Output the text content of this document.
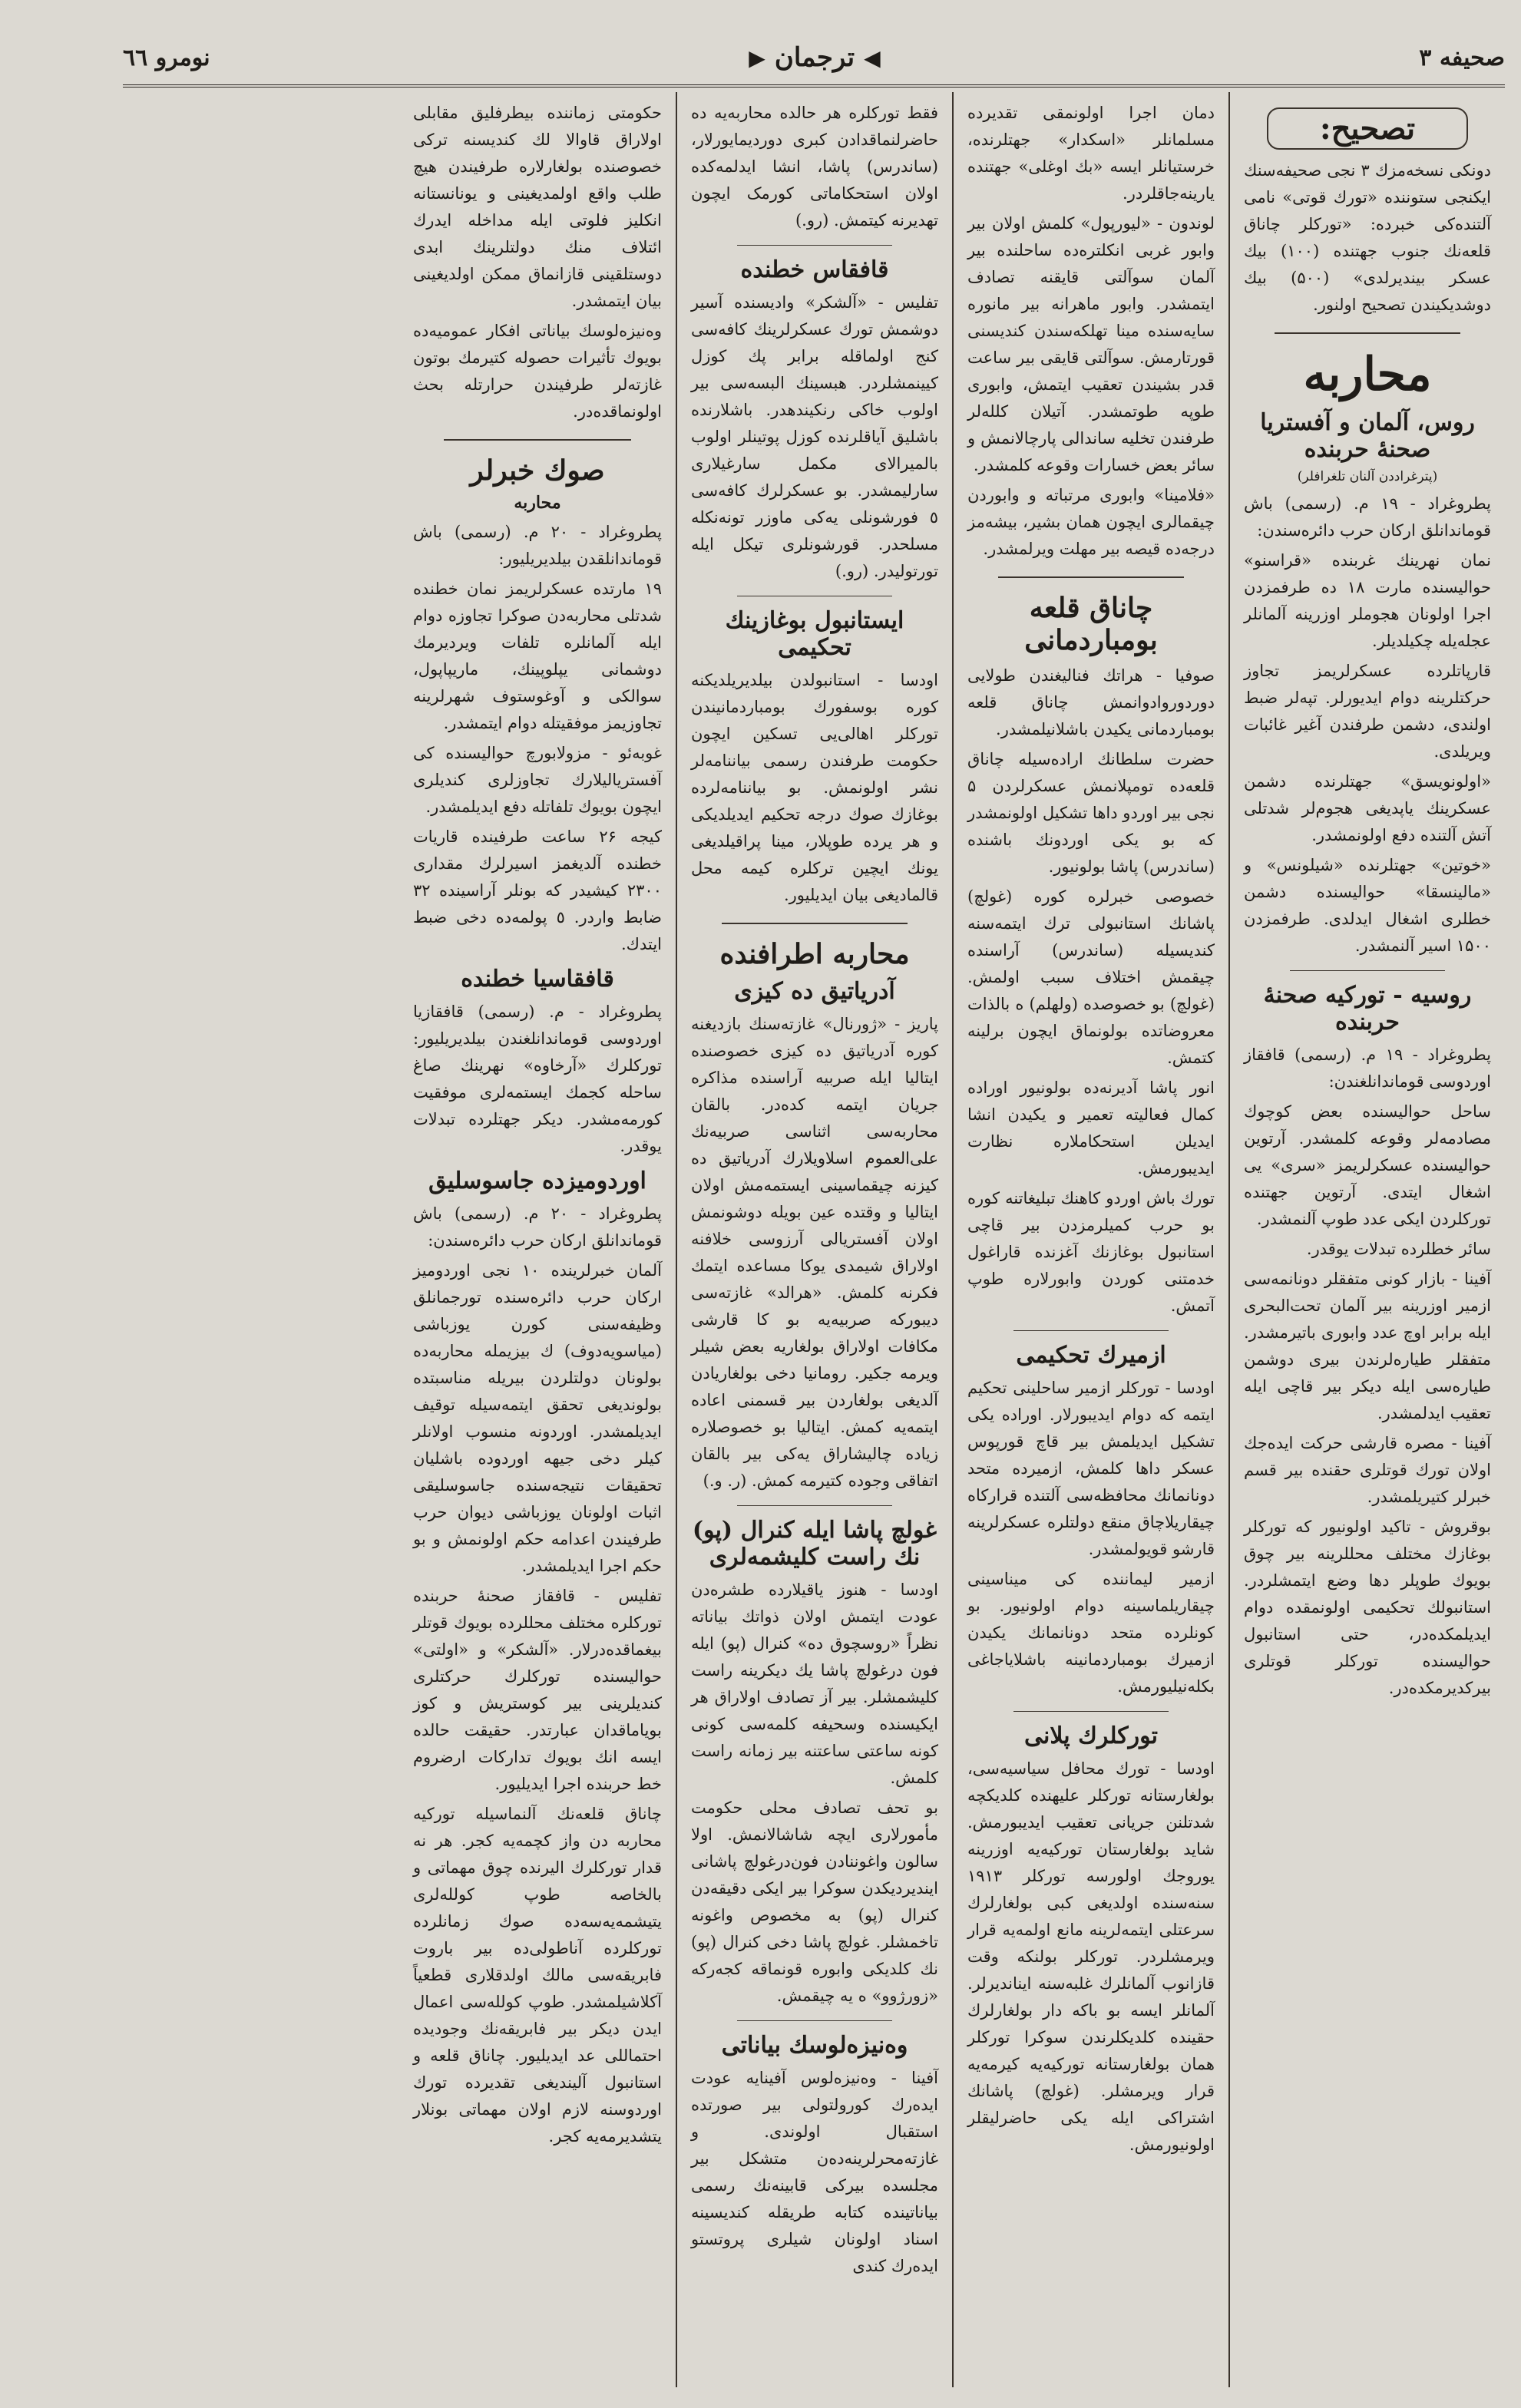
صحیفه ۳
◀
ترجمان
▶
نومرو ٦٦
تصحیح:

دونکی نسخه‌مزك ۳ نجی صحیفه‌سنك ایکنجی ستوننده «تورك قوتی» نامی آلتنده‌کی خبرده: «تورکلر چاناق قلعه‌نك جنوب جهتنده (۱۰۰) بیك عسکر بیندیرلدی» (۵۰۰) بیك دوشدیکیندن تصحیح اولنور.

محاربه
روس، آلمان و آفستریا صحنهٔ حربنده
(پترغراددن آلنان تلغرافلر)

پطروغراد - ۱۹ م. (رسمی) باش قوماندانلق ارکان حرب دائره‌سندن:

نمان نهرینك غربنده «قراسنو» حوالیسنده مارت ۱۸ ده طرفمزدن اجرا اولونان هجوملر اوزرینه آلمانلر عجله‌یله چکیلدیلر.

قارپاتلرده عسکرلریمز تجاوز حرکتلرینه دوام ایدیورلر. تپه‌لر ضبط اولندی، دشمن طرفندن آغیر غائبات ویریلدی.

«اولونویسق» جهتلرنده دشمن عسکرینك یاپدیغی هجوم‌لر شدتلی آتش آلتنده دفع اولونمشدر.

«خوتین» جهتلرنده «شیلونس» و «مالینسقا» حوالیسنده دشمن خطلری اشغال ایدلدی. طرفمزدن ۱۵۰۰ اسیر آلنمشدر.

روسیه - تورکیه صحنهٔ حربنده

پطروغراد - ۱۹ م. (رسمی) قافقاز اوردوسی قوماندانلغندن:

ساحل حوالیسنده بعض کوچوك مصادمه‌لر وقوعه کلمشدر. آرتوین حوالیسنده عسکرلریمز «سری» یی اشغال ایتدی. آرتوین جهتنده تورکلردن ایکی عدد طوپ آلنمشدر.

سائر خطلرده تبدلات یوقدر.

آفینا - بازار کونی متفقلر دونانمه‌سی ازمیر اوزرینه بیر آلمان تحت‌البحری ایله برابر اوچ عدد وابوری باتیرمشدر. متفقلر طیاره‌لرندن بیری دوشمن طیاره‌سی ایله دیکر بیر قاچی ایله تعقیب ایدلمشدر.

آفینا - مصره قارشی حرکت ایده‌جك اولان تورك قوتلری حقنده بیر قسم خبرلر کتیریلمشدر.

بوقروش - تاکید اولونیور که تورکلر بوغازك مختلف محللرینه بیر چوق بویوك طوپلر دها وضع ایتمشلردر. استانبولك تحکیمی اولونمقده دوام ایدیلمکده‌در، حتی استانبول حوالیسنده تورکلر قوتلری بیرکدیرمکده‌در.

دمان اجرا اولونمقی تقدیرده مسلمانلر «اسکدار» جهتلرنده، خرستیانلر ایسه «بك اوغلی» جهتنده یارینه‌جاقلردر.

لوندون - «لیورپول» کلمش اولان بیر وابور غربی انکلتره‌ده ساحلنده بیر آلمان سوآلتی قایقنه تصادف ایتمشدر. وابور ماهرانه بیر مانوره سایه‌سنده مینا تهلکه‌سندن کندیسنی قورتارمش. سوآلتی قایقی بیر ساعت قدر بشیندن تعقیب ایتمش، وابوری طوپه طوتمشدر. آتیلان کلله‌لر طرفندن تخلیه ساندالی پارچالانمش و سائر بعض خسارات وقوعه کلمشدر.

«فلامینا» وابوری مرتباته و وابوردن چیقمالری ایچون همان بشیر، بیشه‌مز درجه‌ده قیصه بیر مهلت ویرلمشدر.

چاناق قلعه بومباردمانی

صوفیا - هراتك فنالیغندن طولایی دوردوروادوانمش چاناق قلعه بومباردمانی یکیدن باشلانیلمشدر.

حضرت سلطانك اراده‌سیله چاناق قلعه‌ده تومپلانمش عسکرلردن ۵ نجی بیر اوردو داها تشکیل اولونمشدر که بو یکی اوردونك باشنده (ساندرس) پاشا بولونیور.

خصوصی خبرلره کوره (غولچ) پاشانك استانبولی ترك ایتمه‌سنه کندیسیله (ساندرس) آراسنده چیقمش اختلاف سبب اولمش. (غولچ) بو خصوصده (ولهلم) ه بالذات معروضاتده بولونماق ایچون برلینه کتمش.

انور پاشا آدیرنه‌ده بولونیور اوراده کمال فعالیته تعمیر و یکیدن انشا ایدیلن استحکاملاره نظارت ایدیبورمش.

تورك باش اوردو کاهنك تبلیغاتنه کوره بو حرب کمیلرمزدن بیر قاچی استانبول بوغازنك آغزنده قاراغول خدمتنی کوردن وابورلاره طوپ آتمش.

ازمیرك تحکیمی

اودسا - تورکلر ازمیر ساحلینی تحکیم ایتمه که دوام ایدیبورلار. اوراده یکی تشکیل ایدیلمش بیر قاچ قورپوس عسکر داها کلمش، ازمیرده متحد دونانمانك محافظه‌سی آلتنده قرارکاه چیقاریلاچاق منقع دولتلره عسکرلرینه قارشو قویولمشدر.

ازمیر لیماننده کی میناسینی چیقاریلماسینه دوام اولونیور. بو کونلرده متحد دونانمانك یکیدن ازمیرك بومباردمانینه باشلایاجاغی بکله‌نیلیورمش.

تورکلرك پلانی

اودسا - تورك محافل سیاسیه‌سی، بولغارستانه تورکلر علیهنده کلدیکچه شدتلنن جریانی تعقیب ایدیبورمش. شاید بولغارستان تورکیه‌یه اوزرینه یوروجك اولورسه تورکلر ۱۹۱۳ سنه‌سنده اولدیغی کبی بولغارلرك سرعتلی ایتمه‌لرینه مانع اولمه‌یه قرار ویرمشلردر. تورکلر بولنکه وقت قازانوب آلمانلرك غلبه‌سنه ایناندیرلر. آلمانلر ایسه بو باکه دار بولغارلرك حقینده کلدیکلرندن سوکرا تورکلر همان بولغارستانه تورکیه‌یه کیرمه‌یه قرار ویرمشلر. (غولچ) پاشانك اشتراکی ایله یکی حاضرلیقلر اولونیورمش.

فقط تورکلره هر حالده محاربه‌یه ده حاضرلنماقدادن کبری دوردیمایورلار، (ساندرس) پاشا، انشا ایدلمه‌کده اولان استحکاماتی کورمک ایچون تهدیرنه کیتمش. (رو.)

قافقاس خطنده

تفلیس - «آلشکر» وادیسنده آسیر دوشمش تورك عسکرلرینك کافه‌سی کنج اولماقله برابر پك کوزل کیینمشلردر. هبسینك البسه‌سی بیر اولوب خاکی رنکیندهدر. باشلارنده باشلیق آیاقلرنده کوزل پوتینلر اولوب بالمیرالای مکمل سارغیلاری سارلیمشدر. بو عسکرلرك کافه‌سی ٥ فورشونلی یه‌کی ماوزر تونه‌نکله مسلحدر. قورشونلری تیکل ایله تورتولیدر. (رو.)

ایستانبول بوغازینك تحکیمی

اودسا - استانبولدن بیلدیریلدیکنه کوره بوسفورك بومباردمانیندن تورکلر اهالی‌یی تسکین ایچون حکومت طرفندن رسمی بیاننامه‌لر نشر اولونمش. بو بیاننامه‌لرده بوغازك صوك درجه تحکیم ایدیلدیکی و هر یرده طوپلار، مینا پراقیلدیغی یونك ایچین ترکلره کیمه محل قالمادیغی بیان ایدیلیور.

محاربه اطرافنده
آدریاتیق ده کیزی

پاریز - «ژورنال» غازته‌سنك بازدیغنه کوره آدریاتیق ده کیزی خصوصنده ایتالیا ایله صربیه آراسنده مذاکره جریان ایتمه کده‌در. بالقان محاربه‌سی اثناسی صربیه‌نك علی‌العموم اسلاویلارك آدریاتیق ده کیزنه چیقماسینی ایستمه‌مش اولان ایتالیا و وقتده عین بویله دوشونمش اولان آفستریالی آرزوسی خلافنه اولاراق شیمدی یوکا مساعده ایتمك فکرنه کلمش. «هرالد» غازته‌سی دیبورکه صربیه‌یه بو کا قارشی مکافات اولاراق بولغاریه بعض شیلر ویرمه جکیر. رومانیا دخی بولغاریادن آلدیغی بولغاردن بیر قسمنی اعاده ایتمه‌یه کمش. ایتالیا بو خصوصلاره زیاده چالیشاراق یه‌کی بیر بالقان اتفاقی وجوده کتیرمه کمش. (ر. و.)

غولچ پاشا ایله کنرال (پو) نك راست کلیشمه‌لری

اودسا - هنوز یاقیلارده طشره‌دن عودت ایتمش اولان ذواتك بیاناته نظراً «روسچوق ده» کنرال (پو) ایله فون درغولچ پاشا یك دیکرینه راست کلیشمشلر. بیر آز تصادف اولاراق هر ایکیسنده وسحیفه کلمه‌سی کونی کونه ساعتی ساعتنه بیر زمانه راست کلمش.

بو تحف تصادف محلی حکومت مأمورلاری ایچه شاشالانمش. اولا سالون واغوننادن فون‌درغولچ پاشانی ایندیردیکدن سوکرا بیر ایکی دقیقه‌دن کنرال (پو) به مخصوص واغونه تاخمشلر. غولچ پاشا دخی کنرال (پو) نك کلدیکی وابوره قونماقه کجه‌ركه «زورژوو» ه یه چیقمش.

وه‌نیزه‌لوسك بیاناتی

آفینا - وه‌نیزه‌لوس آفینایه عودت ایده‌رك کورولتولی بیر صورتده استقبال اولوندی. و غازته‌محرلرینه‌ده‌ن متشکل بیر مجلسده بیرکی قابینه‌نك رسمی بیاناتینده کتابه طریقله کندیسینه اسناد اولونان شیلری پروتستو ایده‌رك کندی

حکومتی زماننده بیطرفلیق مقابلی اولاراق قاوالا لك کندیسنه ترکی خصوصنده بولغارلاره طرفیندن هیچ طلب واقع اولمدیغینی و یونانستانه انکلیز فلوتی ایله مداخله ایدرك ائتلاف منك دولتلرینك ابدی دوستلقینی قازانماق ممکن اولدیغینی بیان ایتمشدر.

وه‌نیزه‌لوسك بیاناتی افکار عمومیه‌ده بویوك تأثیرات حصوله کتیرمك بوتون غازته‌لر طرفیندن حرارتله بحث اولونماقده‌در.

صوك خبرلر
محاربه

پطروغراد - ۲۰ م. (رسمی) باش قوماندانلقدن بیلدیریلیور:

۱۹ مارتده عسکرلریمز نمان خطنده شدتلی محاربه‌دن صوکرا تجاوزه دوام ایله آلمانلره تلفات ویردیرمك دوشمانی یپلوپینك، ماریپاپول، سوالکی و آوغوستوف شهرلرینه تجاوزیمز موفقیتله دوام ایتمشدر.

غوبه‌ئو - مزولابورچ حوالیسنده کی آفستریالیلارك تجاوزلری کندیلری ایچون بویوك تلفاتله دفع ایدیلمشدر.

کیجه ۲۶ ساعت طرفینده قاریات خطنده آلدیغمز اسیرلرك مقداری ۲۳۰۰ کیشیدر که بونلر آراسینده ۳۲ ضابط واردر. ٥ پولمه‌ده دخی ضبط ایتدك.

قافقاسیا خطنده

پطروغراد - م. (رسمی) قافقازیا اوردوسی قوماندانلغندن بیلدیریلیور: تورکلرك «آرخاوه» نهرینك صاغ ساحله کجمك ایستمه‌لری موفقیت کورمه‌مشدر. دیکر جهتلرده تبدلات یوقدر.

اوردومیزده جاسوسلیق

پطروغراد - ۲۰ م. (رسمی) باش قوماندانلق ارکان حرب دائره‌سندن:

آلمان خبرلرینده ۱۰ نجی اوردومیز ارکان حرب دائره‌سنده تورجمانلق وظیفه‌سنی کورن یوزباشی (میاسویه‌دوف) ك بیزیمله محاربه‌ده بولونان دولتلردن بیریله مناسبتده بولوندیغی تحقق ایتمه‌سیله توقیف ایدیلمشدر. اوردونه منسوب اولانلر کیلر دخی جیهه اوردوده باشلیان تحقیقات نتیجه‌سنده جاسوسلیقی اثبات اولونان یوزباشی دیوان حرب طرفیندن اعدامه حکم اولونمش و بو حکم اجرا ایدیلمشدر.

تفلیس - قافقاز صحنهٔ حربنده تورکلره مختلف محللرده بویوك قوتلر بیغماقده‌درلار. «آلشکر» و «اولتی» حوالیسنده تورکلرك حرکتلری کندیلرینی بیر کوستریش و کوز بویاماقدان عبارتدر. حقیقت حالده ایسه انك بویوك تدارکات ارضروم خط حربنده اجرا ایدیلیور.

چاناق قلعه‌نك آلنماسیله تورکیه محاربه دن واز کچمه‌یه کجر. هر نه قدار تورکلرك الیرنده چوق مهماتی و بالخاصه طوپ کولله‌لری یتیشمه‌یه‌سه‌ده صوك زمانلرده تورکلرده آناطولی‌ده بیر باروت فابریقه‌سی مالك اولدقلاری قطعیاً آکلاشیلمشدر. طوپ کولله‌سی اعمال ایدن دیکر بیر فابریقه‌نك وجودیده احتماللی عد ایدیلیور. چاناق قلعه و استانبول آلیندیغی تقدیرده تورك اوردوسنه لازم اولان مهماتی بونلار یتشدیرمه‌یه کجر.
